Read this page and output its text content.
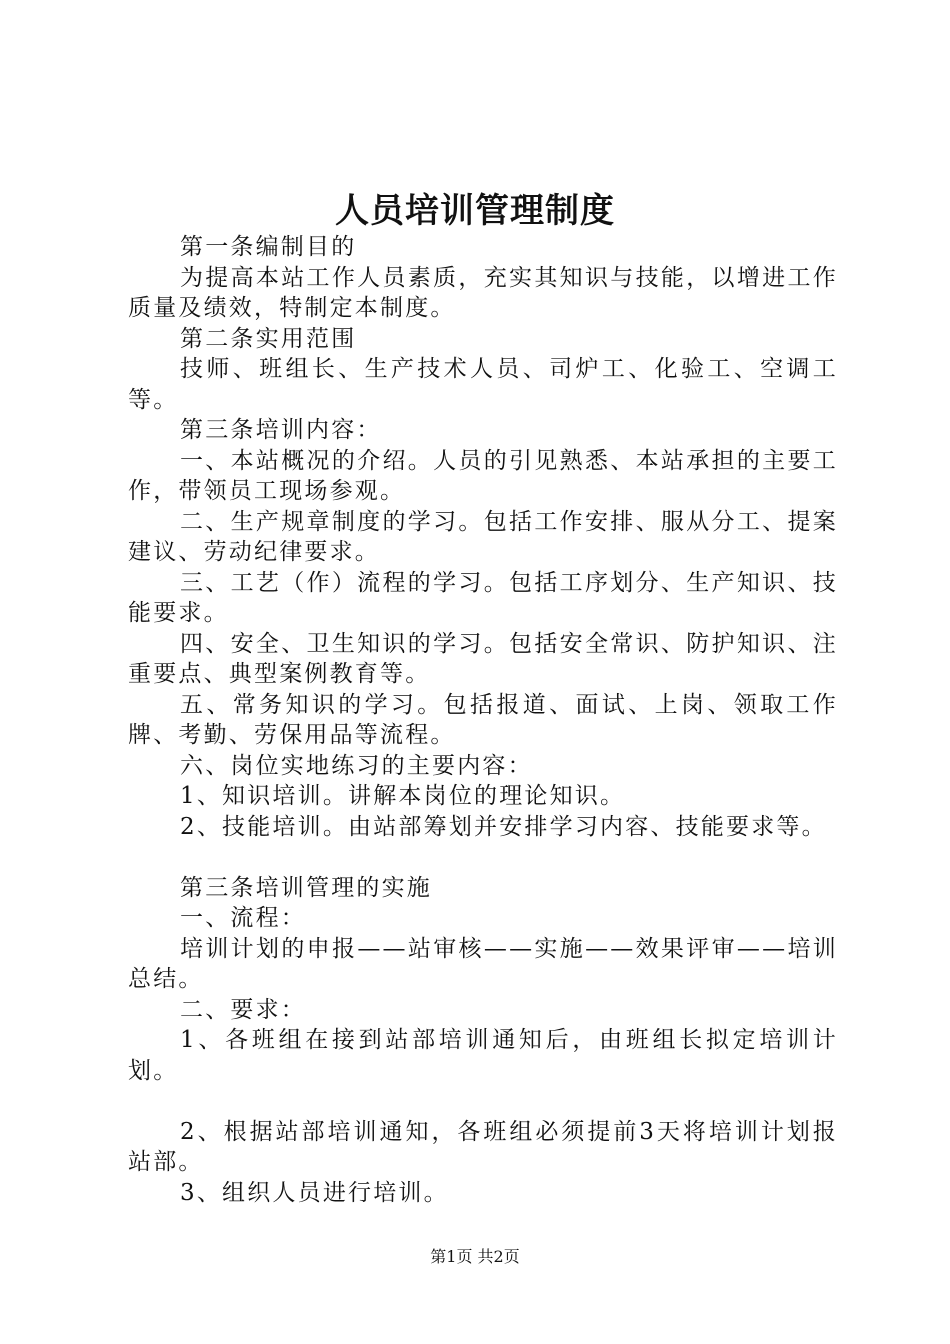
人员培训管理制度

第一条编制目的

为提高本站工作人员素质，充实其知识与技能，以增进工作质量及绩效，特制定本制度。

第二条实用范围

技师、班组长、生产技术人员、司炉工、化验工、空调工等。

第三条培训内容：

一、本站概况的介绍。人员的引见熟悉、本站承担的主要工作，带领员工现场参观。

二、生产规章制度的学习。包括工作安排、服从分工、提案建议、劳动纪律要求。

三、工艺（作）流程的学习。包括工序划分、生产知识、技能要求。

四、安全、卫生知识的学习。包括安全常识、防护知识、注重要点、典型案例教育等。

五、常务知识的学习。包括报道、面试、上岗、领取工作牌、考勤、劳保用品等流程。

六、岗位实地练习的主要内容：

1、知识培训。讲解本岗位的理论知识。

2、技能培训。由站部筹划并安排学习内容、技能要求等。

第三条培训管理的实施

一、流程：

培训计划的申报——站审核——实施——效果评审——培训总结。

二、要求：

1、各班组在接到站部培训通知后，由班组长拟定培训计划。

2、根据站部培训通知，各班组必须提前3天将培训计划报站部。

3、组织人员进行培训。

第1页 共2页
